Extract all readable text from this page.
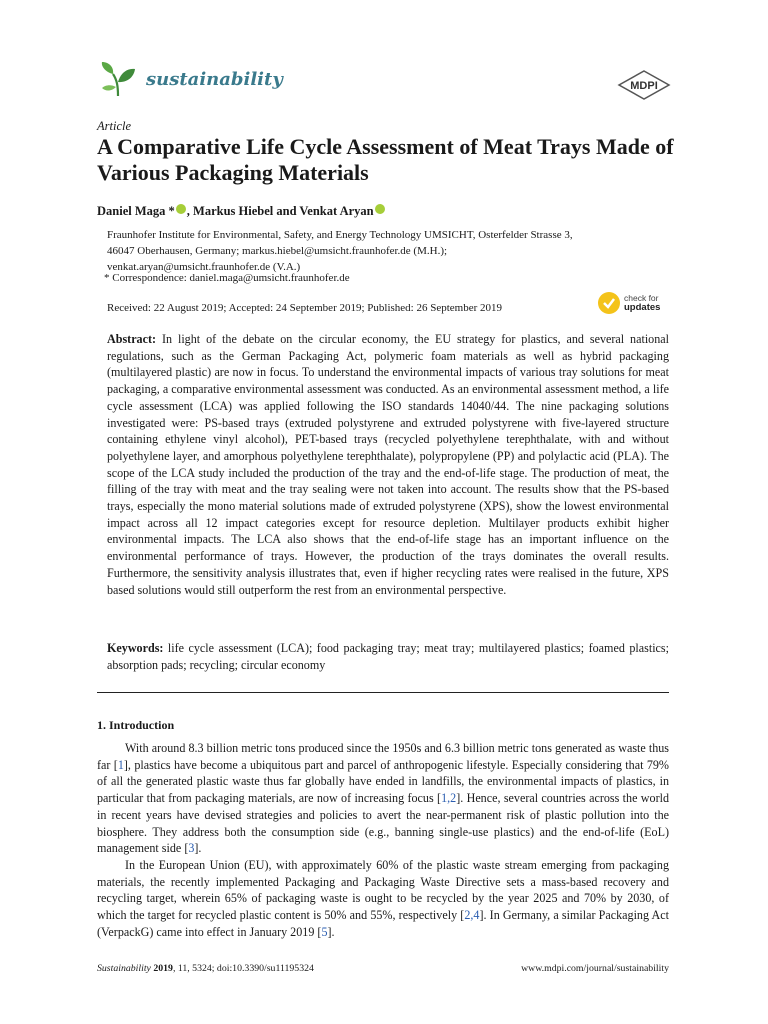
sustainability	MDPI
Article
A Comparative Life Cycle Assessment of Meat Trays Made of Various Packaging Materials
Daniel Maga * , Markus Hiebel and Venkat Aryan
Fraunhofer Institute for Environmental, Safety, and Energy Technology UMSICHT, Osterfelder Strasse 3,
46047 Oberhausen, Germany; markus.hiebel@umsicht.fraunhofer.de (M.H.);
venkat.aryan@umsicht.fraunhofer.de (V.A.)
* Correspondence: daniel.maga@umsicht.fraunhofer.de
Received: 22 August 2019; Accepted: 24 September 2019; Published: 26 September 2019
check for
updates
Abstract: In light of the debate on the circular economy, the EU strategy for plastics, and several national regulations, such as the German Packaging Act, polymeric foam materials as well as hybrid packaging (multilayered plastic) are now in focus. To understand the environmental impacts of various tray solutions for meat packaging, a comparative environmental assessment was conducted. As an environmental assessment method, a life cycle assessment (LCA) was applied following the ISO standards 14040/44. The nine packaging solutions investigated were: PS-based trays (extruded polystyrene and extruded polystyrene with five-layered structure containing ethylene vinyl alcohol), PET-based trays (recycled polyethylene terephthalate, with and without polyethylene layer, and amorphous polyethylene terephthalate), polypropylene (PP) and polylactic acid (PLA). The scope of the LCA study included the production of the tray and the end-of-life stage. The production of meat, the filling of the tray with meat and the tray sealing were not taken into account. The results show that the PS-based trays, especially the mono material solutions made of extruded polystyrene (XPS), show the lowest environmental impact across all 12 impact categories except for resource depletion. Multilayer products exhibit higher environmental impacts. The LCA also shows that the end-of-life stage has an important influence on the environmental performance of trays. However, the production of the trays dominates the overall results. Furthermore, the sensitivity analysis illustrates that, even if higher recycling rates were realised in the future, XPS based solutions would still outperform the rest from an environmental perspective.
Keywords: life cycle assessment (LCA); food packaging tray; meat tray; multilayered plastics; foamed plastics; absorption pads; recycling; circular economy
1. Introduction
With around 8.3 billion metric tons produced since the 1950s and 6.3 billion metric tons generated as waste thus far [1], plastics have become a ubiquitous part and parcel of anthropogenic lifestyle. Especially considering that 79% of all the generated plastic waste thus far globally have ended in landfills, the environmental impacts of plastics, in particular that from packaging materials, are now of increasing focus [1,2]. Hence, several countries across the world in recent years have devised strategies and policies to avert the near-permanent risk of plastic pollution into the biosphere. They address both the consumption side (e.g., banning single-use plastics) and the end-of-life (EoL) management side [3].
In the European Union (EU), with approximately 60% of the plastic waste stream emerging from packaging materials, the recently implemented Packaging and Packaging Waste Directive sets a mass-based recovery and recycling target, wherein 65% of packaging waste is ought to be recycled by the year 2025 and 70% by 2030, of which the target for recycled plastic content is 50% and 55%, respectively [2,4]. In Germany, a similar Packaging Act (VerpackG) came into effect in January 2019 [5].
Sustainability 2019, 11, 5324; doi:10.3390/su11195324	www.mdpi.com/journal/sustainability
